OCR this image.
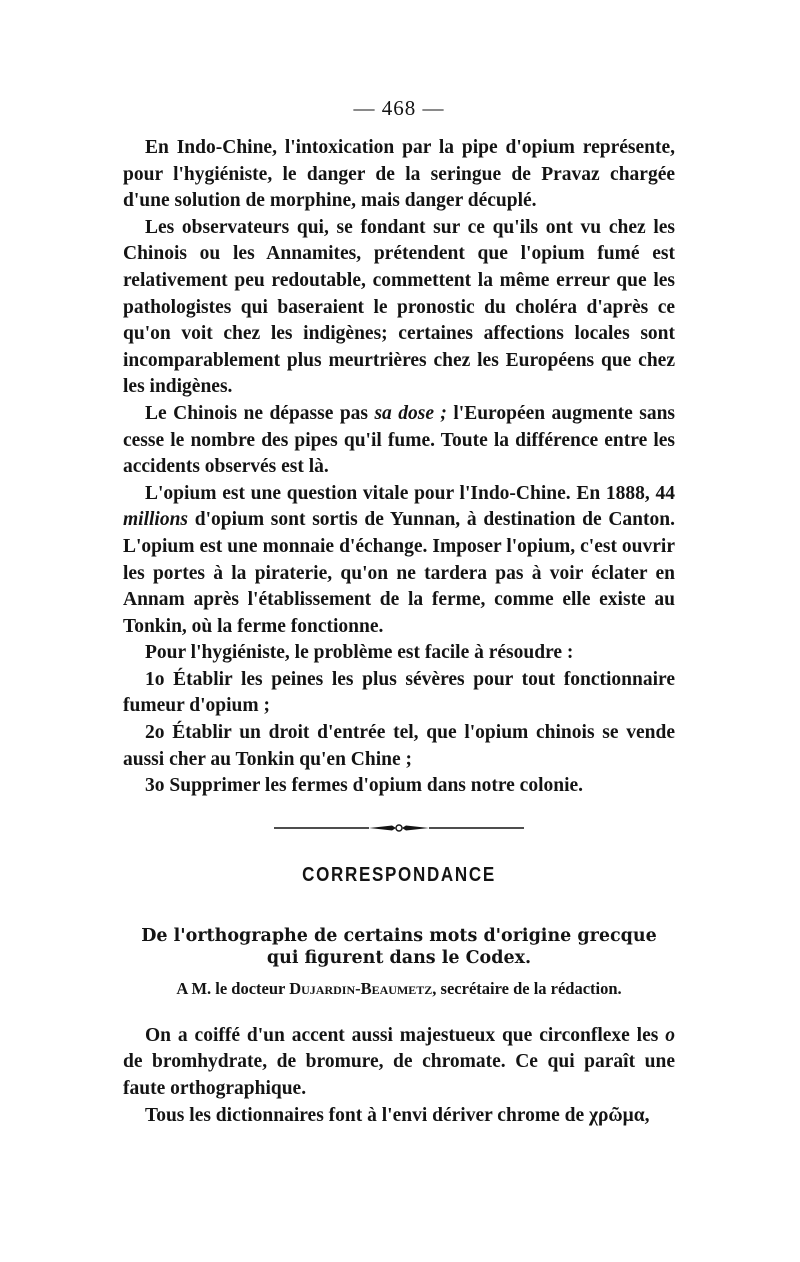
— 468 —

En Indo-Chine, l'intoxication par la pipe d'opium représente, pour l'hygiéniste, le danger de la seringue de Pravaz chargée d'une solution de morphine, mais danger décuplé.

Les observateurs qui, se fondant sur ce qu'ils ont vu chez les Chinois ou les Annamites, prétendent que l'opium fumé est relativement peu redoutable, commettent la même erreur que les pathologistes qui baseraient le pronostic du choléra d'après ce qu'on voit chez les indigènes; certaines affections locales sont incomparablement plus meurtrières chez les Européens que chez les indigènes.

Le Chinois ne dépasse pas sa dose ; l'Européen augmente sans cesse le nombre des pipes qu'il fume. Toute la différence entre les accidents observés est là.

L'opium est une question vitale pour l'Indo-Chine. En 1888, 44 millions d'opium sont sortis de Yunnan, à destination de Canton. L'opium est une monnaie d'échange. Imposer l'opium, c'est ouvrir les portes à la piraterie, qu'on ne tardera pas à voir éclater en Annam après l'établissement de la ferme, comme elle existe au Tonkin, où la ferme fonctionne.

Pour l'hygiéniste, le problème est facile à résoudre :

1o Établir les peines les plus sévères pour tout fonctionnaire fumeur d'opium ;

2o Établir un droit d'entrée tel, que l'opium chinois se vende aussi cher au Tonkin qu'en Chine ;

3o Supprimer les fermes d'opium dans notre colonie.

CORRESPONDANCE
De l'orthographe de certains mots d'origine grecque
qui figurent dans le Codex.
A M. le docteur Dujardin-Beaumetz, secrétaire de la rédaction.

On a coiffé d'un accent aussi majestueux que circonflexe les o de bromhydrate, de bromure, de chromate. Ce qui paraît une faute orthographique.

Tous les dictionnaires font à l'envi dériver chrome de χρῶμα,
